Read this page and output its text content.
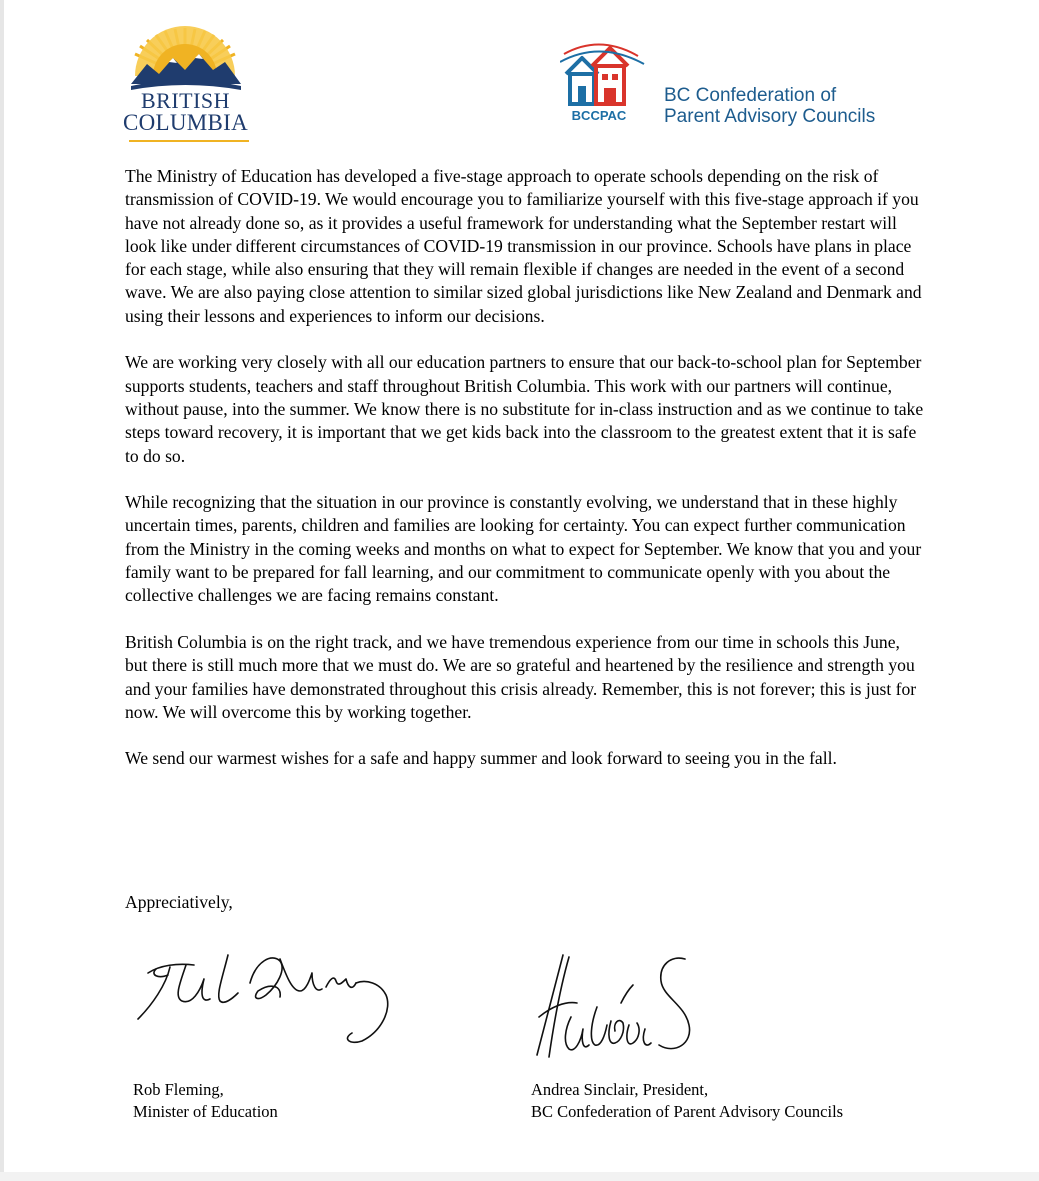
BRITISH
COLUMBIA	BCCPAC
BC Confederation of
Parent Advisory Councils

The Ministry of Education has developed a five-stage approach to operate schools depending on the risk of transmission of COVID-19. We would encourage you to familiarize yourself with this five-stage approach if you have not already done so, as it provides a useful framework for understanding what the September restart will look like under different circumstances of COVID-19 transmission in our province. Schools have plans in place for each stage, while also ensuring that they will remain flexible if changes are needed in the event of a second wave. We are also paying close attention to similar sized global jurisdictions like New Zealand and Denmark and using their lessons and experiences to inform our decisions.

We are working very closely with all our education partners to ensure that our back-to-school plan for September supports students, teachers and staff throughout British Columbia. This work with our partners will continue, without pause, into the summer. We know there is no substitute for in-class instruction and as we continue to take steps toward recovery, it is important that we get kids back into the classroom to the greatest extent that it is safe to do so.

While recognizing that the situation in our province is constantly evolving, we understand that in these highly uncertain times, parents, children and families are looking for certainty. You can expect further communication from the Ministry in the coming weeks and months on what to expect for September. We know that you and your family want to be prepared for fall learning, and our commitment to communicate openly with you about the collective challenges we are facing remains constant.

British Columbia is on the right track, and we have tremendous experience from our time in schools this June, but there is still much more that we must do. We are so grateful and heartened by the resilience and strength you and your families have demonstrated throughout this crisis already. Remember, this is not forever; this is just for now. We will overcome this by working together.

We send our warmest wishes for a safe and happy summer and look forward to seeing you in the fall.

Appreciatively,
Rob Fleming,
Minister of Education
Andrea Sinclair, President,
BC Confederation of Parent Advisory Councils
